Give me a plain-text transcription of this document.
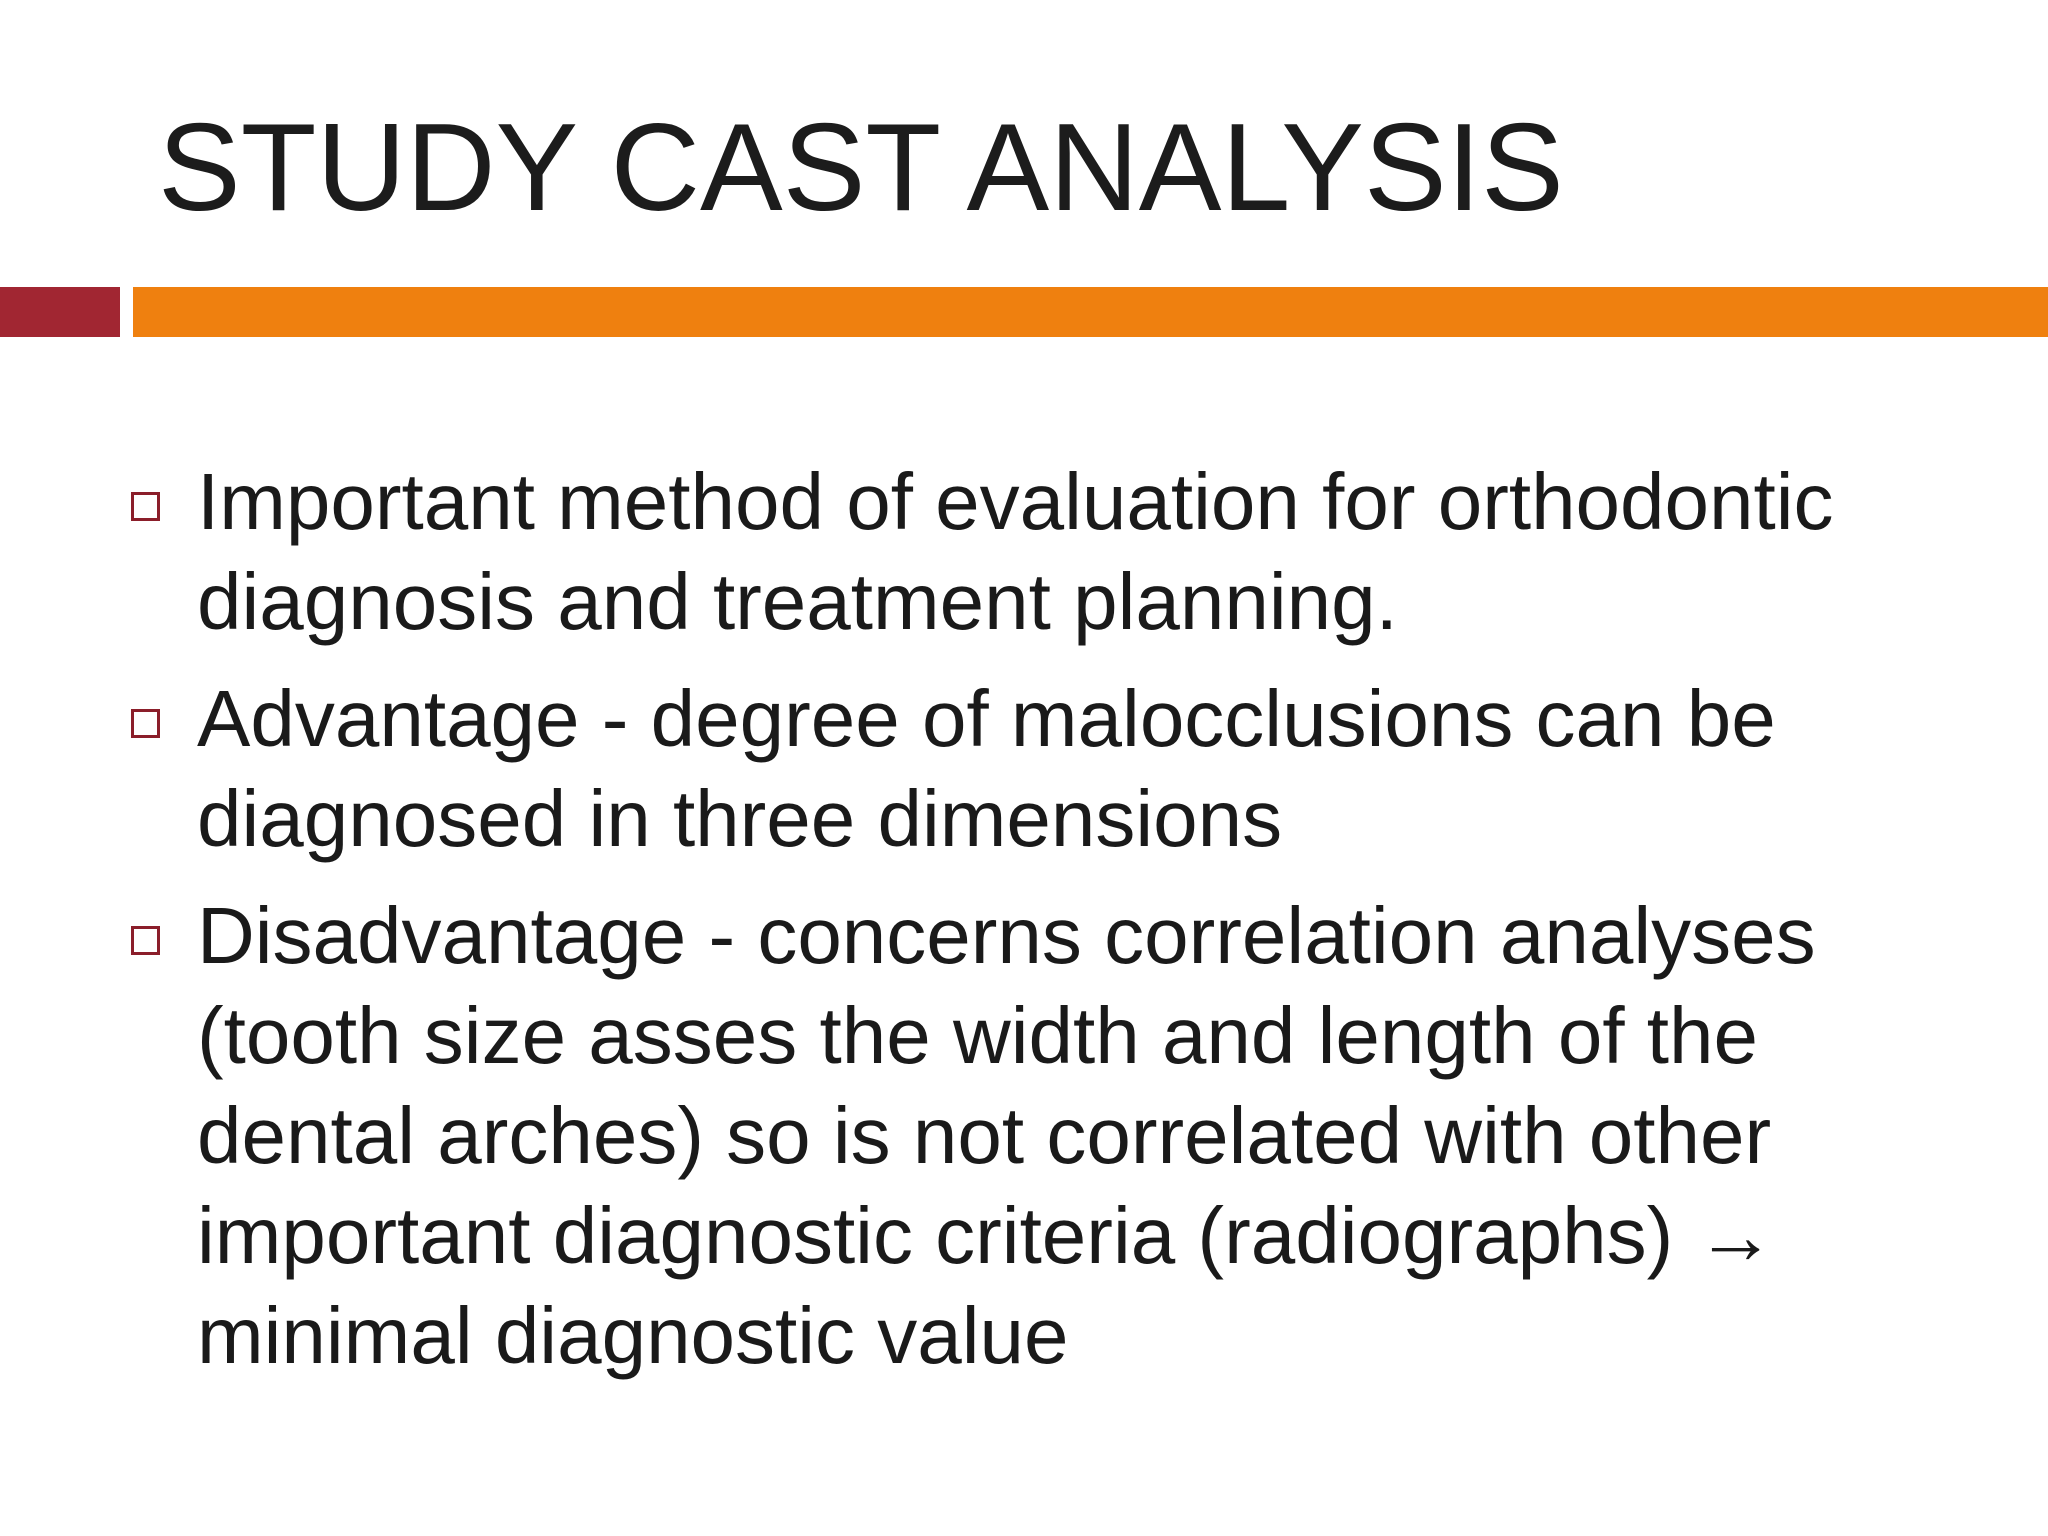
STUDY CAST ANALYSIS
Important method of evaluation for orthodontic
diagnosis and treatment planning.
Advantage - degree of malocclusions can be
diagnosed in three dimensions
Disadvantage - concerns correlation analyses
(tooth size asses the width and length of the
dental arches) so is not correlated with other
important diagnostic criteria (radiographs) →
minimal diagnostic value
